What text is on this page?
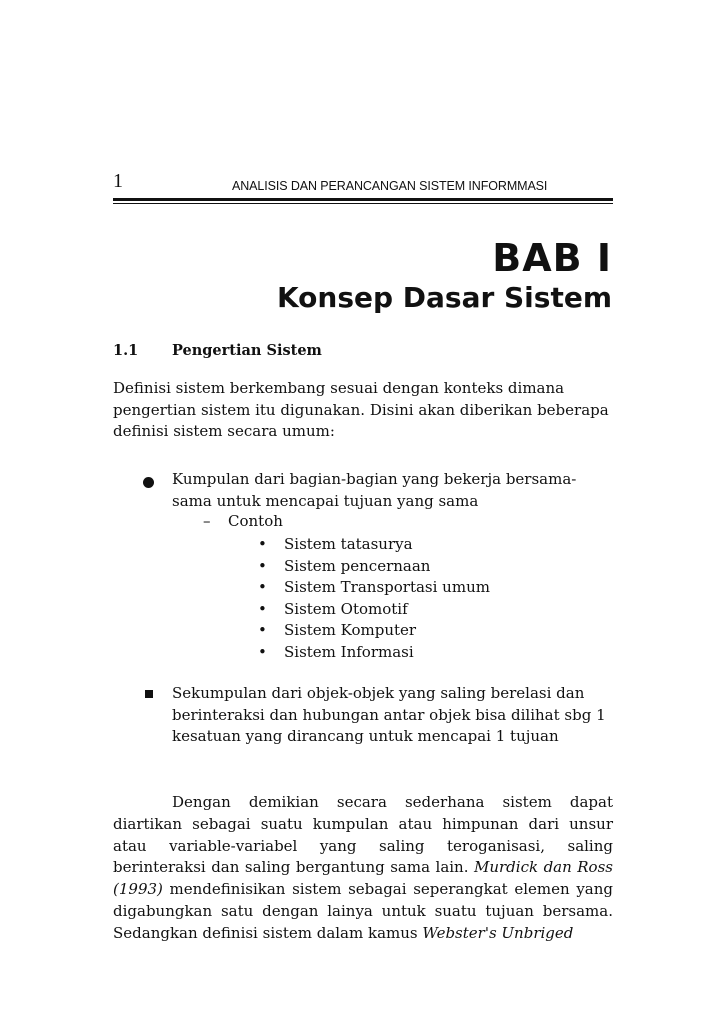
1	ANALISIS DAN PERANCANGAN SISTEM INFORMMASI
BAB I
Konsep Dasar Sistem
1.1 Pengertian Sistem
Definisi sistem berkembang sesuai dengan konteks dimana pengertian sistem itu digunakan. Disini akan diberikan beberapa definisi sistem secara umum:
Kumpulan dari bagian-bagian yang bekerja bersama-sama untuk mencapai tujuan yang sama
– Contoh
• Sistem tatasurya
• Sistem pencernaan
• Sistem Transportasi umum
• Sistem Otomotif
• Sistem Komputer
• Sistem Informasi
Sekumpulan dari objek-objek yang saling berelasi dan berinteraksi dan hubungan antar objek bisa dilihat sbg 1 kesatuan yang dirancang untuk mencapai 1 tujuan
Dengan demikian secara sederhana sistem dapat diartikan sebagai suatu kumpulan atau himpunan dari unsur atau variable-variabel yang saling teroganisasi, saling berinteraksi dan saling bergantung sama lain. Murdick dan Ross (1993) mendefinisikan sistem sebagai seperangkat elemen yang digabungkan satu dengan lainya untuk suatu tujuan bersama. Sedangkan definisi sistem dalam kamus Webster's Unbriged
